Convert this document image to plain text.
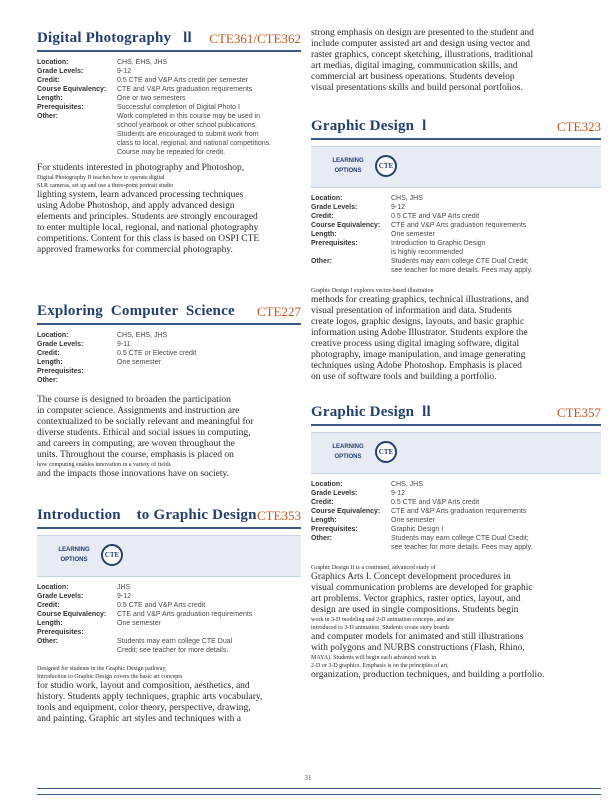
Digital Photography   ll CTE361/CTE362
Location:	CHS, EHS, JHS
Grade Levels:	9-12
Credit:	0.5 CTE and V&P Arts credit per semester
Course Equivalency:	CTE and V&P Arts graduation requirements
Length:	One or two semesters
Prerequisites:	Successful completion of Digital Photo I
Other:	Work completed in this course may be used in
school yearbook or other school publications.
Students are encouraged to submit work from
class to local, regional, and national competitions.
Course may be repeated for credit.
For students interested in photography and Photoshop,
Digital Photography II teaches how to operate digital
SLR cameras, set up and use a three-point portrait studio
lighting system, learn advanced processing techniques
using Adobe Photoshop, and apply advanced design
elements and principles. Students are strongly encouraged
to enter multiple local, regional, and national photography
competitions. Content for this class is based on OSPI CTE
approved frameworks for commercial photography.
Exploring  Computer  Science CTE227
Location:	CHS, EHS, JHS
Grade Levels:	9-11
Credit:	0.5 CTE or Elective credit
Length:	One semester
Prerequisites:
Other:
The course is designed to broaden the participation
in computer science. Assignments and instruction are
contextualized to be socially relevant and meaningful for
diverse students. Ethical and social issues in computing,
and careers in computing, are woven throughout the
units. Throughout the course, emphasis is placed on
how computing enables innovation in a variety of fields
and the impacts those innovations have on society.
Introduction    to Graphic Design CTE353
LEARNING
OPTIONS
CTE
Location:	JHS
Grade Levels:	9-12
Credit:	0.5 CTE and V&P Arts credit
Course Equivalency:	CTE and V&P Arts graduation requirements
Length:	One semester
Prerequisites:
Other:	Students may earn college CTE Dual
Credit; see teacher for more details.
Designed for students in the Graphic Design pathway,
Introduction to Graphic Design covers the basic art concepts
for studio work, layout and composition, aesthetics, and
history. Students apply techniques, graphic arts vocabulary,
tools and equipment, color theory, perspective, drawing,
and painting. Graphic art styles and techniques with a
strong emphasis on design are presented to the student and
include computer assisted art and design using vector and
raster graphics, concept sketching, illustrations, traditional
art medias, digital imaging, communication skills, and
commercial art business operations. Students develop
visual presentations skills and build personal portfolios.
Graphic Design  l	CTE323
LEARNING
OPTIONS
CTE
Location:	CHS, JHS
Grade Levels:	9-12
Credit:	0.5 CTE and V&P Arts credit
Course Equivalency:	CTE and V&P Arts graduation requirements
Length:	One semester
Prerequisites:	Introduction to Graphic Design
is highly recommended
Other:	Students may earn college CTE Dual Credit;
see teacher for more details. Fees may apply.
Graphic Design I explores vector-based illustration
methods for creating graphics, technical illustrations, and
visual presentation of information and data. Students
create logos, graphic designs, layouts, and basic graphic
information using Adobe Illustrator. Students explore the
creative process using digital imaging software, digital
photography, image manipulation, and image generating
techniques using Adobe Photoshop. Emphasis is placed
on use of software tools and building a portfolio.
Graphic Design  ll	CTE357
LEARNING
OPTIONS
CTE
Location:	CHS, JHS
Grade Levels:	9-12
Credit:	0.5 CTE and V&P Arts credit
Course Equivalency:	CTE and V&P Arts graduation requirements
Length:	One semester
Prerequisites:	Graphic Design I
Other:	Students may earn college CTE Dual Credit;
see teacher for more details. Fees may apply.
Graphic Design II is a continued, advanced study of
Graphics Arts I. Concept development procedures in
visual communication problems are developed for graphic
art problems. Vector graphics, raster optics, layout, and
design are used in single compositions. Students begin
work in 3-D modeling and 2-D animation concepts, and are
introduced to 3-D animation. Students create story boards
and computer models for animated and still illustrations
with polygons and NURBS constructions (Flash, Rhino,
MAYA). Students will begin each advanced work in
2-D or 3-D graphics. Emphasis is on the principles of art,
organization, production techniques, and building a portfolio.
31
